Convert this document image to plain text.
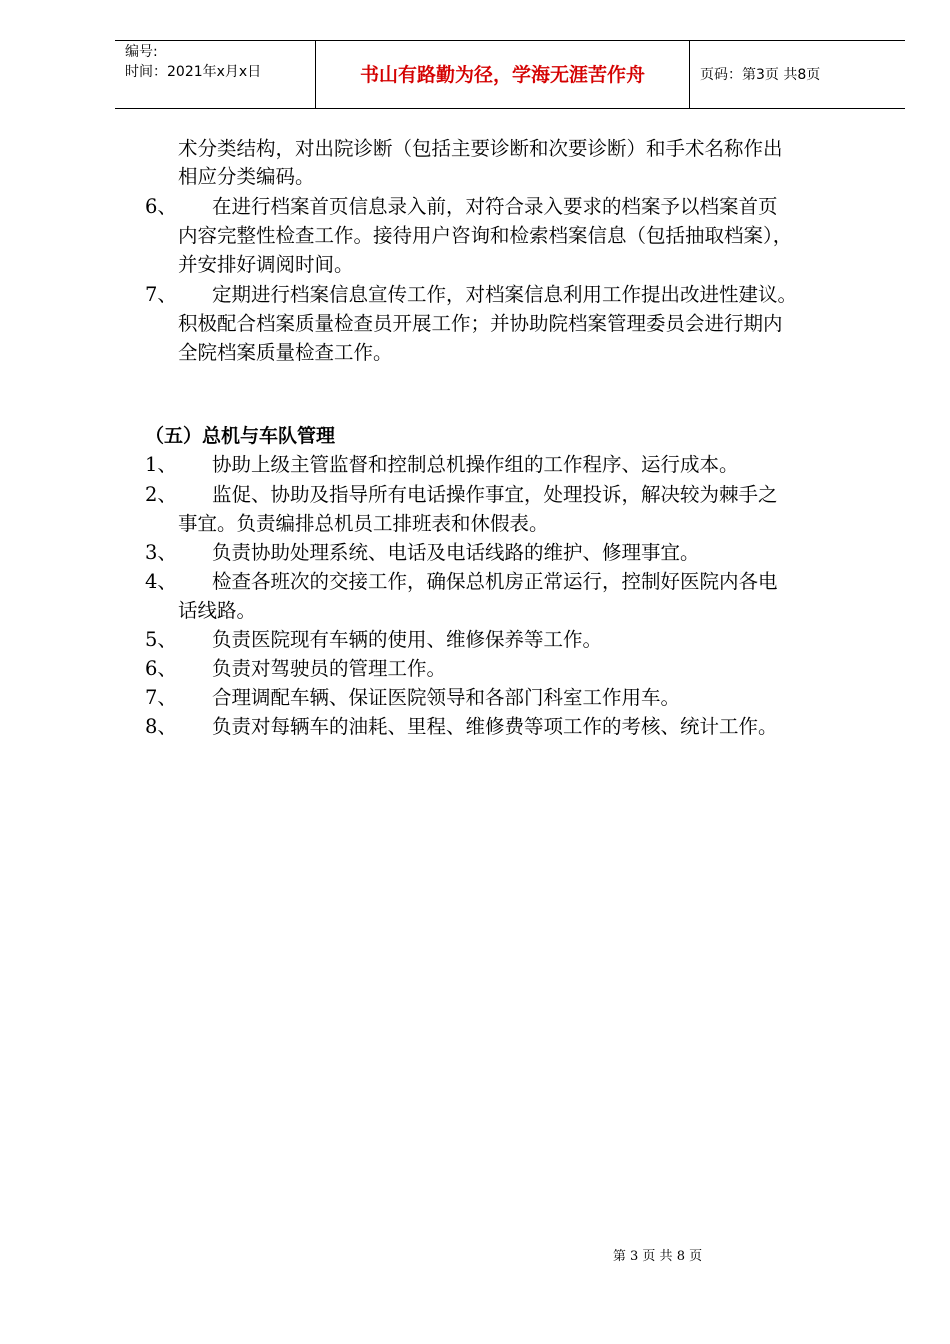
编号:
时间：2021年x月x日	书山有路勤为径，学海无涯苦作舟	页码：第3页 共8页
术分类结构，对出院诊断（包括主要诊断和次要诊断）和手术名称作出
相应分类编码。
6、 在进行档案首页信息录入前，对符合录入要求的档案予以档案首页
内容完整性检查工作。接待用户咨询和检索档案信息（包括抽取档案），
并安排好调阅时间。
7、 定期进行档案信息宣传工作，对档案信息利用工作提出改进性建议。
积极配合档案质量检查员开展工作；并协助院档案管理委员会进行期内
全院档案质量检查工作。
（五）总机与车队管理
1、 协助上级主管监督和控制总机操作组的工作程序、运行成本。
2、 监促、协助及指导所有电话操作事宜，处理投诉，解决较为棘手之
事宜。负责编排总机员工排班表和休假表。
3、 负责协助处理系统、电话及电话线路的维护、修理事宜。
4、 检查各班次的交接工作，确保总机房正常运行，控制好医院内各电
话线路。
5、 负责医院现有车辆的使用、维修保养等工作。
6、 负责对驾驶员的管理工作。
7、 合理调配车辆、保证医院领导和各部门科室工作用车。
8、 负责对每辆车的油耗、里程、维修费等项工作的考核、统计工作。
第 3 页 共 8 页
